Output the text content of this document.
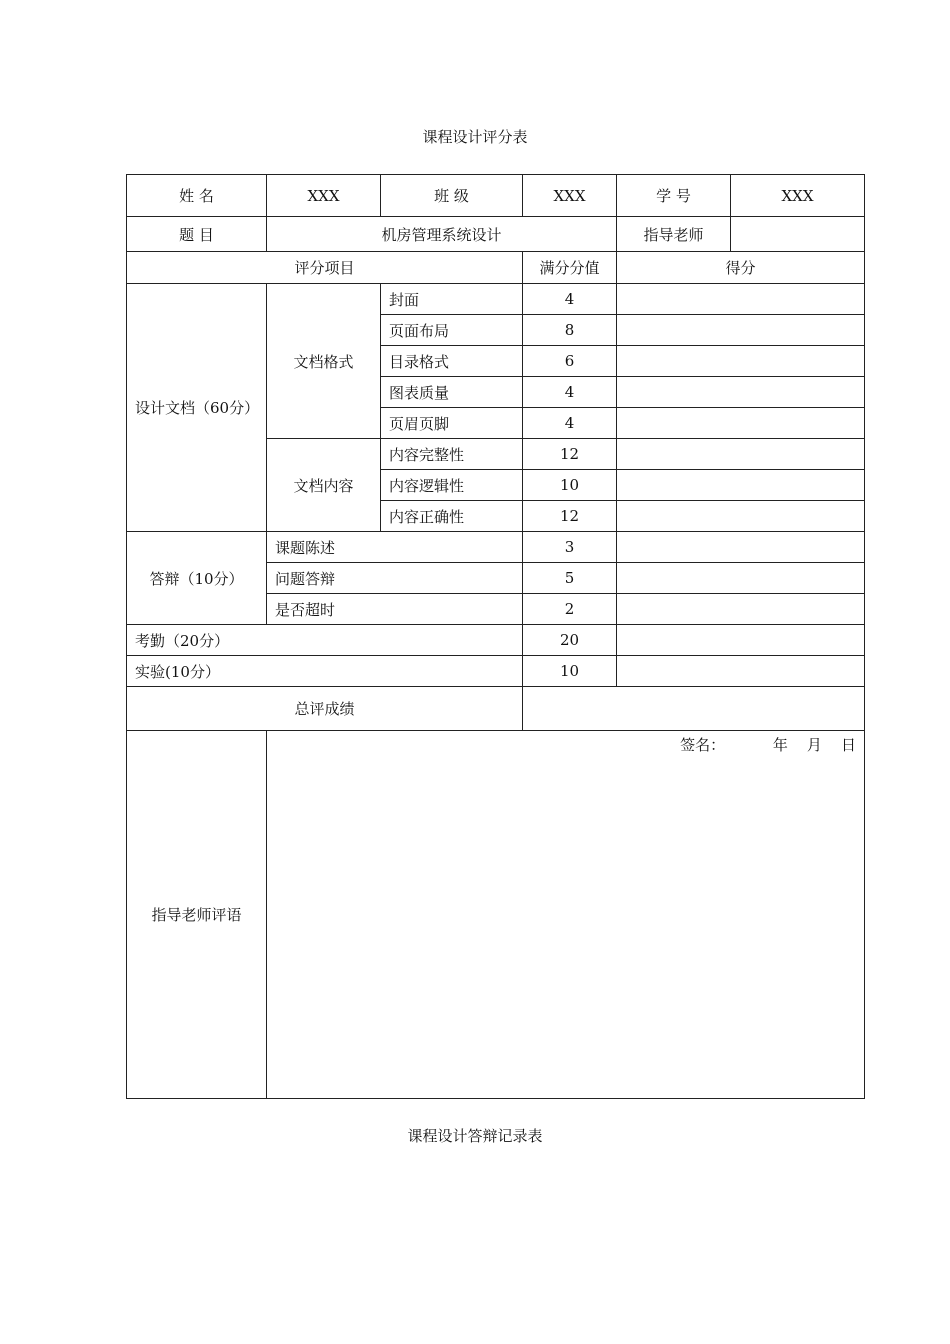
课程设计评分表
姓 名	XXX	班 级	XXX	学 号	XXX
题 目	机房管理系统设计			指导老师	
评分项目			满分分值	得分	
设计文档（60分）	文档格式	封面	4		
		页面布局	8		
		目录格式	6		
		图表质量	4		
		页眉页脚	4		
	文档内容	内容完整性	12		
		内容逻辑性	10		
		内容正确性	12		
答辩（10分）	课题陈述		3		
	问题答辩		5		
	是否超时		2		
考勤（20分）			20		
实验(10分）			10		
总评成绩					
指导老师评语	签名：          年    月    日				
课程设计答辩记录表
